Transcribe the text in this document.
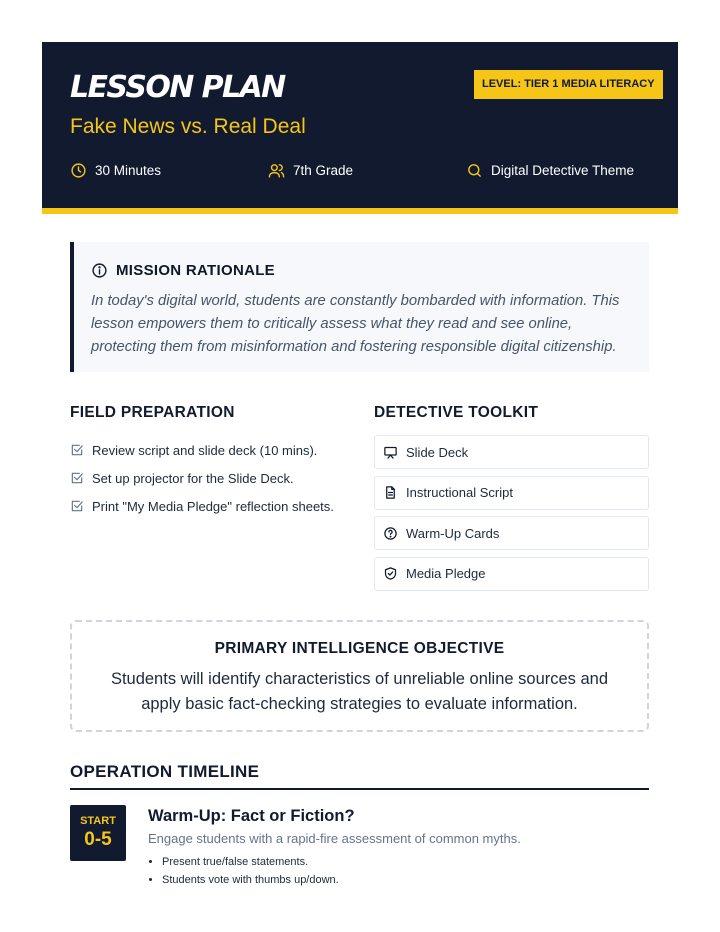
LESSON PLAN
Fake News vs. Real Deal
LEVEL: TIER 1 MEDIA LITERACY
30 Minutes	7th Grade	Digital Detective Theme
MISSION RATIONALE

In today's digital world, students are constantly bombarded with information. This lesson empowers them to critically assess what they read and see online, protecting them from misinformation and fostering responsible digital citizenship.

FIELD PREPARATION
Review script and slide deck (10 mins).
Set up projector for the Slide Deck.
Print "My Media Pledge" reflection sheets.
DETECTIVE TOOLKIT
Slide Deck
Instructional Script
Warm-Up Cards
Media Pledge
PRIMARY INTELLIGENCE OBJECTIVE

Students will identify characteristics of unreliable online sources and apply basic fact-checking strategies to evaluate information.

OPERATION TIMELINE
START
0-5
Warm-Up: Fact or Fiction?
Engage students with a rapid-fire assessment of common myths.
• Present true/false statements.
• Students vote with thumbs up/down.
